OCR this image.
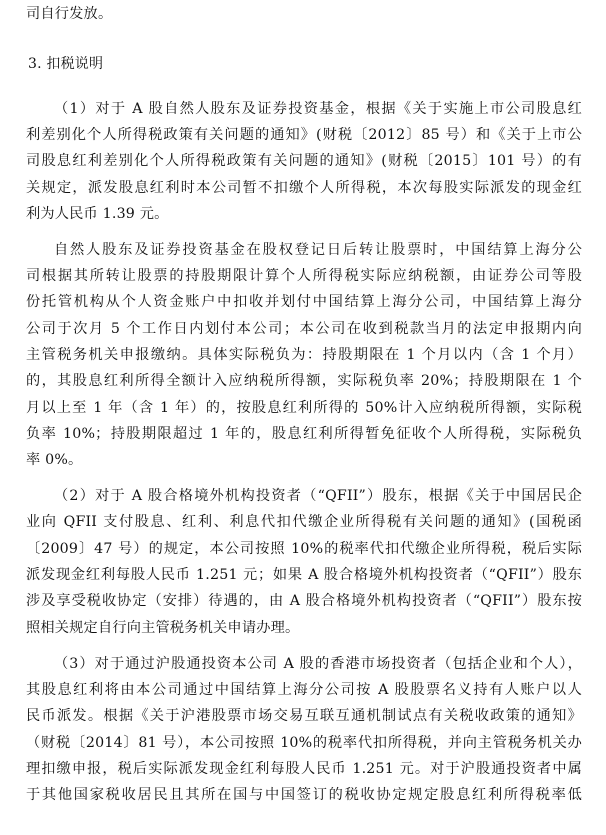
司自行发放。
3. 扣税说明
（1）对于 A 股自然人股东及证券投资基金，根据《关于实施上市公司股息红
利差别化个人所得税政策有关问题的通知》(财税〔2012〕85 号）和《关于上市公
司股息红利差别化个人所得税政策有关问题的通知》(财税〔2015〕101 号）的有
关规定，派发股息红利时本公司暂不扣缴个人所得税，本次每股实际派发的现金红
利为人民币 1.39 元。
自然人股东及证券投资基金在股权登记日后转让股票时，中国结算上海分公
司根据其所转让股票的持股期限计算个人所得税实际应纳税额，由证券公司等股
份托管机构从个人资金账户中扣收并划付中国结算上海分公司，中国结算上海分
公司于次月 5 个工作日内划付本公司；本公司在收到税款当月的法定申报期内向
主管税务机关申报缴纳。具体实际税负为：持股期限在 1 个月以内（含 1 个月）
的，其股息红利所得全额计入应纳税所得额，实际税负率 20%；持股期限在 1 个
月以上至 1 年（含 1 年）的，按股息红利所得的 50%计入应纳税所得额，实际税
负率 10%；持股期限超过 1 年的，股息红利所得暂免征收个人所得税，实际税负
率 0%。
（2）对于 A 股合格境外机构投资者（“QFII”）股东，根据《关于中国居民企
业向 QFII 支付股息、红利、利息代扣代缴企业所得税有关问题的通知》(国税函
〔2009〕47 号）的规定，本公司按照 10%的税率代扣代缴企业所得税，税后实际
派发现金红利每股人民币 1.251 元；如果 A 股合格境外机构投资者（“QFII”）股东
涉及享受税收协定（安排）待遇的，由 A 股合格境外机构投资者（“QFII”）股东按
照相关规定自行向主管税务机关申请办理。
（3）对于通过沪股通投资本公司 A 股的香港市场投资者（包括企业和个人），
其股息红利将由本公司通过中国结算上海分公司按 A 股股票名义持有人账户以人
民币派发。根据《关于沪港股票市场交易互联互通机制试点有关税收政策的通知》
（财税〔2014〕81 号），本公司按照 10%的税率代扣所得税，并向主管税务机关办
理扣缴申报，税后实际派发现金红利每股人民币 1.251 元。对于沪股通投资者中属
于其他国家税收居民且其所在国与中国签订的税收协定规定股息红利所得税率低
